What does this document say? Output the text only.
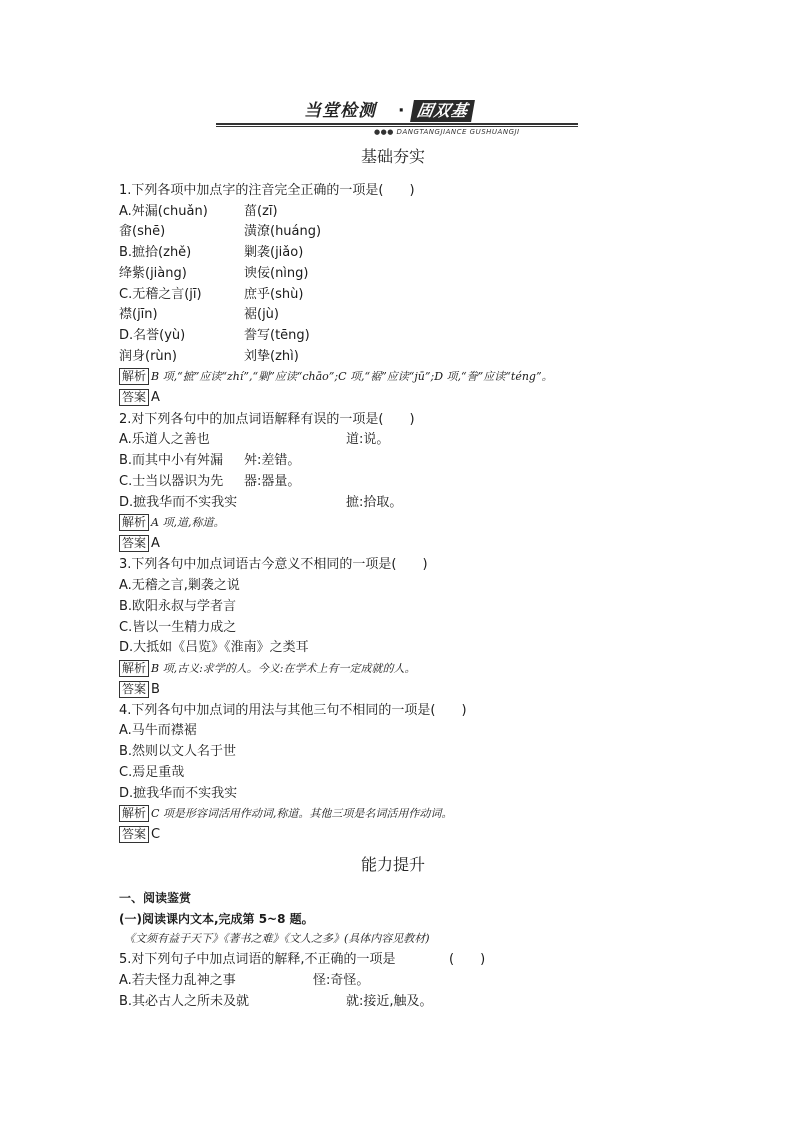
当堂检测 · 固双基
●●● DANGTANGJIANCE GUSHUANGJI
基础夯实
1.下列各项中加点字的注音完全正确的一项是(　　)
A.舛漏(chuǎn)	菑(zī)
畲(shē)	潢潦(huáng)
B.摭拾(zhě)	剿袭(jiǎo)
绛紫(jiàng)	谀佞(nìng)
C.无稽之言(jī)	庶乎(shù)
襟(jīn)	裾(jù)
D.名誉(yù)	誊写(tēng)
润身(rùn)	刘挚(zhì)
解析 B 项,“摭”应读“zhí”,“剿”应读“chāo”;C 项,“裾”应读“jū”;D 项,“誊”应读“téng”。
答案 A
2.对下列各句中的加点词语解释有误的一项是(　　)
A.乐道人之善也	道:说。
B.而其中小有舛漏 舛:差错。
C.士当以器识为先 器:器量。
D.摭我华而不实我实	摭:拾取。
解析 A 项,道,称道。
答案 A
3.下列各句中加点词语古今意义不相同的一项是(　　)
A.无稽之言,剿袭之说
B.欧阳永叔与学者言
C.皆以一生精力成之
D.大抵如《吕览》《淮南》之类耳
解析 B 项,古义:求学的人。今义:在学术上有一定成就的人。
答案 B
4.下列各句中加点词的用法与其他三句不相同的一项是(　　)
A.马牛而襟裾
B.然则以文人名于世
C.焉足重哉
D.摭我华而不实我实
解析 C 项是形容词活用作动词,称道。其他三项是名词活用作动词。
答案 C
能力提升
一、阅读鉴赏
(一)阅读课内文本,完成第 5~8 题。
《文须有益于天下》《著书之难》《文人之多》(具体内容见教材)
5.对下列句子中加点词语的解释,不正确的一项是	(　　)
A.若夫怪力乱神之事	怪:奇怪。
B.其必古人之所未及就	就:接近,触及。
